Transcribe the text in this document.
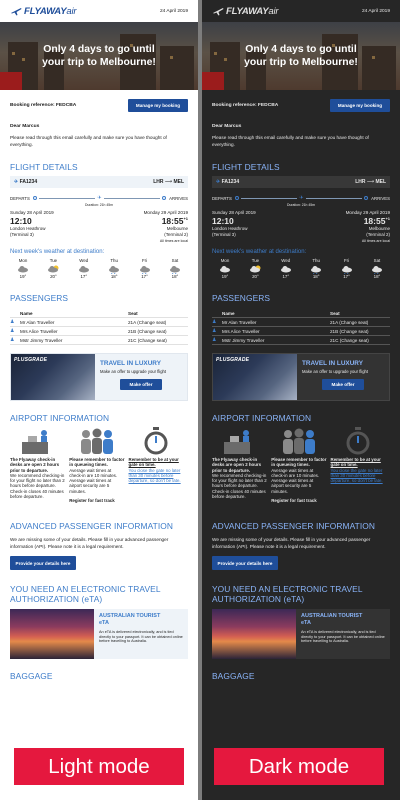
FLYAWAY air	24 April 2019
Only 4 days to go until
your trip to Melbourne!
Booking reference: FEDCBA	Manage my booking
Dear Marcus
Please read through this email carefully and make sure you have thought of everything.
FLIGHT DETAILS
✈ FA1234	LHR ⟶ MEL
DEPARTS	✈	ARRIVES
Duration: 21h 45m
Sunday 28 April 2019
12:10
London Heathrow
(Terminal 3)
Monday 29 April 2019
$18:55^{+1}$
Melbourne
(Terminal 2)
All times are local
Next week's weather at destination:
Mon
19°
Tue
20°
Wed
17°
Thu
18°
Fri
17°
Sat
18°
PASSENGERS
Name	Seat
♟	Mr Alan Traveller	21A (Change seat)
♟	Mrs Alice Traveller	21B (Change seat)
♟	Mstr Jimmy Traveller	21C (Change seat)
PLUSGRADE	TRAVEL IN LUXURY
Make an offer to upgrade your flight
Make offer
AIRPORT INFORMATION
The Flyaway check-in desks are open 2 hours prior to departure.
We recommend checking-in for your flight no later than 2 hours before departure. Check-in closes 40 minutes before departure.
Please remember to factor in queueing times.
Average wait times at check-in are 10 minutes. Average wait times at airport security are 5 minutes.
Register for fast track
Remember to be at your gate on time.
You close the gate no later than 30 minutes before departure, so don't be late.
ADVANCED PASSENGER INFORMATION
We are missing some of your details. Please fill in your advanced passenger information (API). Please note it is a legal requirement.
Provide your details here
YOU NEED AN ELECTRONIC TRAVEL AUTHORIZATION (eTA)
AUSTRALIAN TOURIST
eTA
An eTA is delivered electronically, and is tied directly to your passport. It can be obtained online before travelling to Australia.
BAGGAGE
FLYAWAY air	24 April 2019
Only 4 days to go until
your trip to Melbourne!
Booking reference: FEDCBA	Manage my booking
Dear Marcus
Please read through this email carefully and make sure you have thought of everything.
FLIGHT DETAILS
✈ FA1234	LHR ⟶ MEL
DEPARTS	✈	ARRIVES
Duration: 21h 45m
Sunday 28 April 2019
12:10
London Heathrow
(Terminal 3)
Monday 29 April 2019
$18:55^{+1}$
Melbourne
(Terminal 2)
All times are local
Next week's weather at destination:
Mon
19°
Tue
20°
Wed
17°
Thu
18°
Fri
17°
Sat
18°
PASSENGERS
Name	Seat
♟	Mr Alan Traveller	21A (Change seat)
♟	Mrs Alice Traveller	21B (Change seat)
♟	Mstr Jimmy Traveller	21C (Change seat)
PLUSGRADE	TRAVEL IN LUXURY
Make an offer to upgrade your flight
Make offer
AIRPORT INFORMATION
The Flyaway check-in desks are open 2 hours prior to departure.
We recommend checking-in for your flight no later than 2 hours before departure. Check-in closes 40 minutes before departure.
Please remember to factor in queueing times.
Average wait times at check-in are 10 minutes. Average wait times at airport security are 5 minutes.
Register for fast track
Remember to be at your gate on time.
You close the gate no later than 30 minutes before departure, so don't be late.
ADVANCED PASSENGER INFORMATION
We are missing some of your details. Please fill in your advanced passenger information (API). Please note it is a legal requirement.
Provide your details here
YOU NEED AN ELECTRONIC TRAVEL AUTHORIZATION (eTA)
AUSTRALIAN TOURIST
eTA
An eTA is delivered electronically, and is tied directly to your passport. It can be obtained online before travelling to Australia.
BAGGAGE
Light mode	Dark mode
